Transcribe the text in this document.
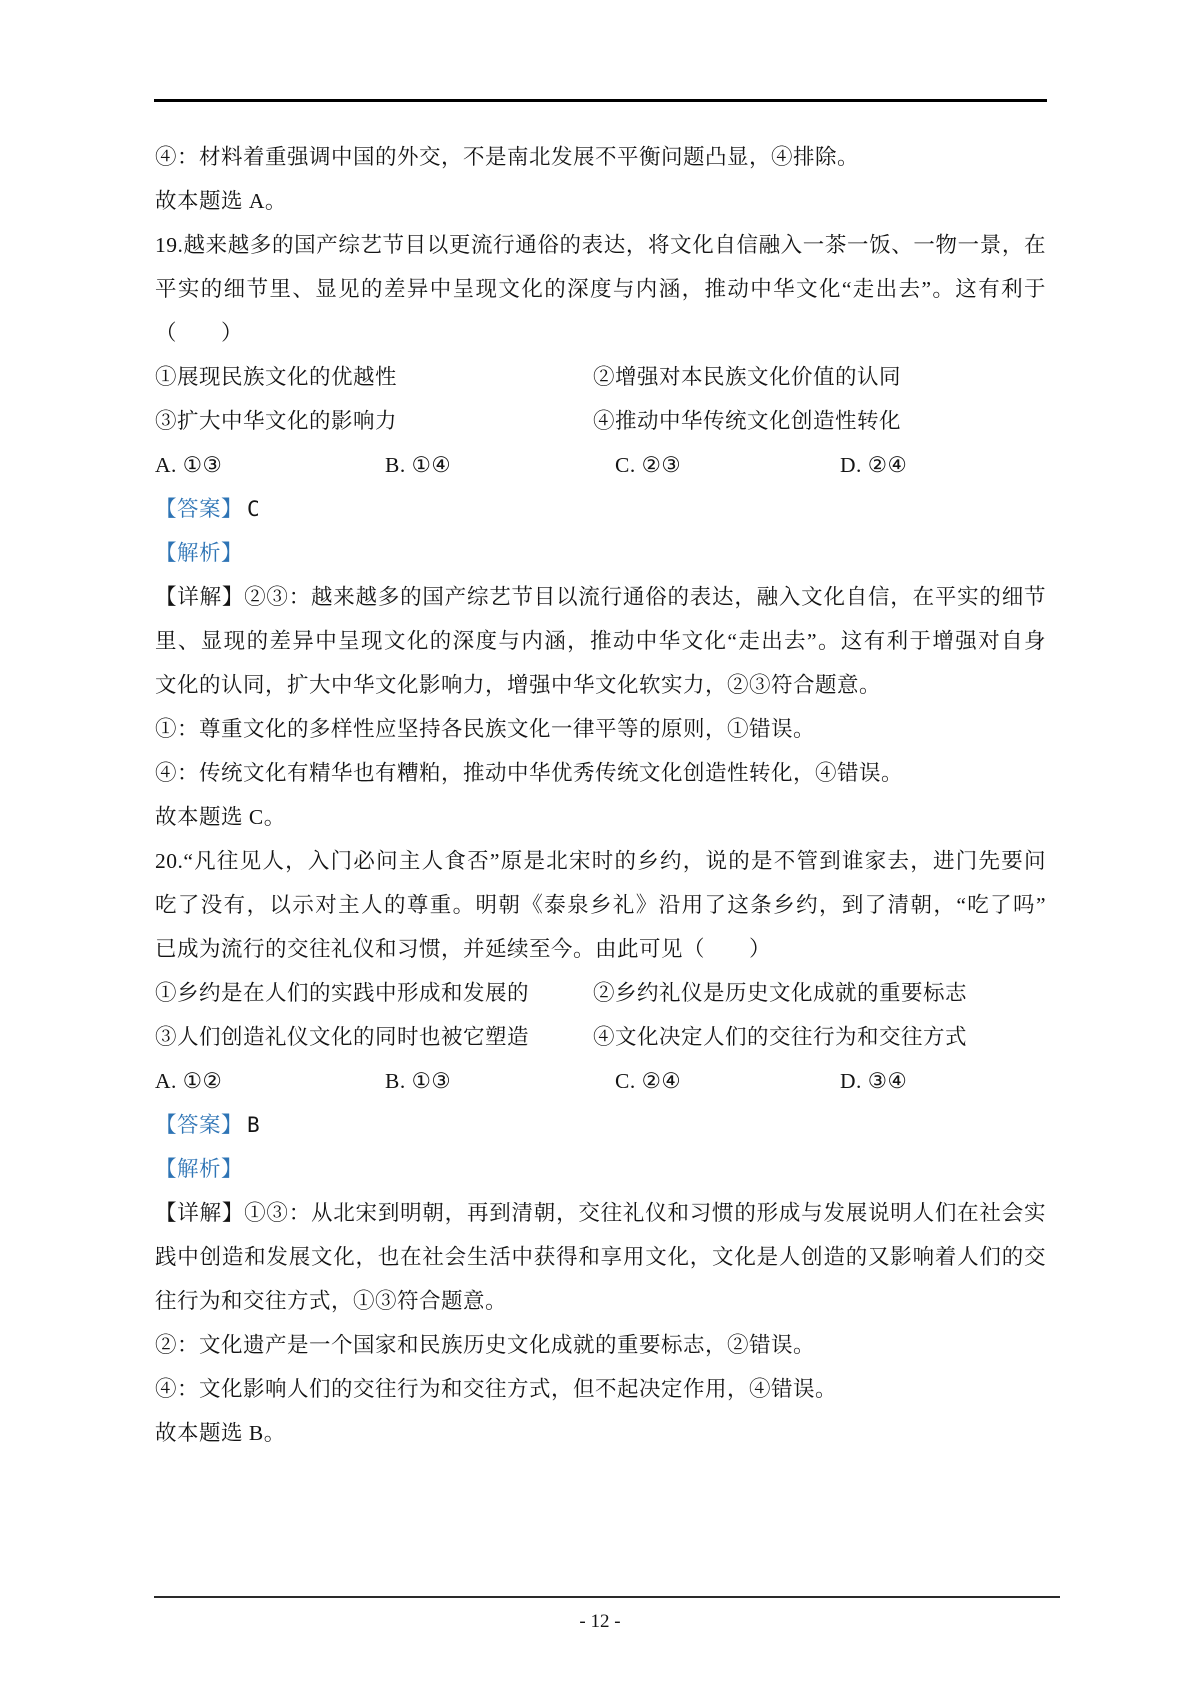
④：材料着重强调中国的外交，不是南北发展不平衡问题凸显，④排除。
故本题选 A。
19.越来越多的国产综艺节目以更流行通俗的表达，将文化自信融入一茶一饭、一物一景，在
平实的细节里、显见的差异中呈现文化的深度与内涵，推动中华文化“走出去”。这有利于
（　　）
①展现民族文化的优越性	②增强对本民族文化价值的认同
③扩大中华文化的影响力	④推动中华传统文化创造性转化
A. ①③	B. ①④	C. ②③	D. ②④
【答案】 C
【解析】
【详解】②③：越来越多的国产综艺节目以流行通俗的表达，融入文化自信，在平实的细节
里、显现的差异中呈现文化的深度与内涵，推动中华文化“走出去”。这有利于增强对自身
文化的认同，扩大中华文化影响力，增强中华文化软实力，②③符合题意。
①：尊重文化的多样性应坚持各民族文化一律平等的原则，①错误。
④：传统文化有精华也有糟粕，推动中华优秀传统文化创造性转化，④错误。
故本题选 C。
20.“凡往见人，入门必问主人食否”原是北宋时的乡约，说的是不管到谁家去，进门先要问
吃了没有，以示对主人的尊重。明朝《泰泉乡礼》沿用了这条乡约，到了清朝，“吃了吗”
已成为流行的交往礼仪和习惯，并延续至今。由此可见（　　）
①乡约是在人们的实践中形成和发展的	②乡约礼仪是历史文化成就的重要标志
③人们创造礼仪文化的同时也被它塑造	④文化决定人们的交往行为和交往方式
A. ①②	B. ①③	C. ②④	D. ③④
【答案】 B
【解析】
【详解】①③：从北宋到明朝，再到清朝，交往礼仪和习惯的形成与发展说明人们在社会实
践中创造和发展文化，也在社会生活中获得和享用文化，文化是人创造的又影响着人们的交
往行为和交往方式，①③符合题意。
②：文化遗产是一个国家和民族历史文化成就的重要标志，②错误。
④：文化影响人们的交往行为和交往方式，但不起决定作用，④错误。
故本题选 B。
- 12 -
